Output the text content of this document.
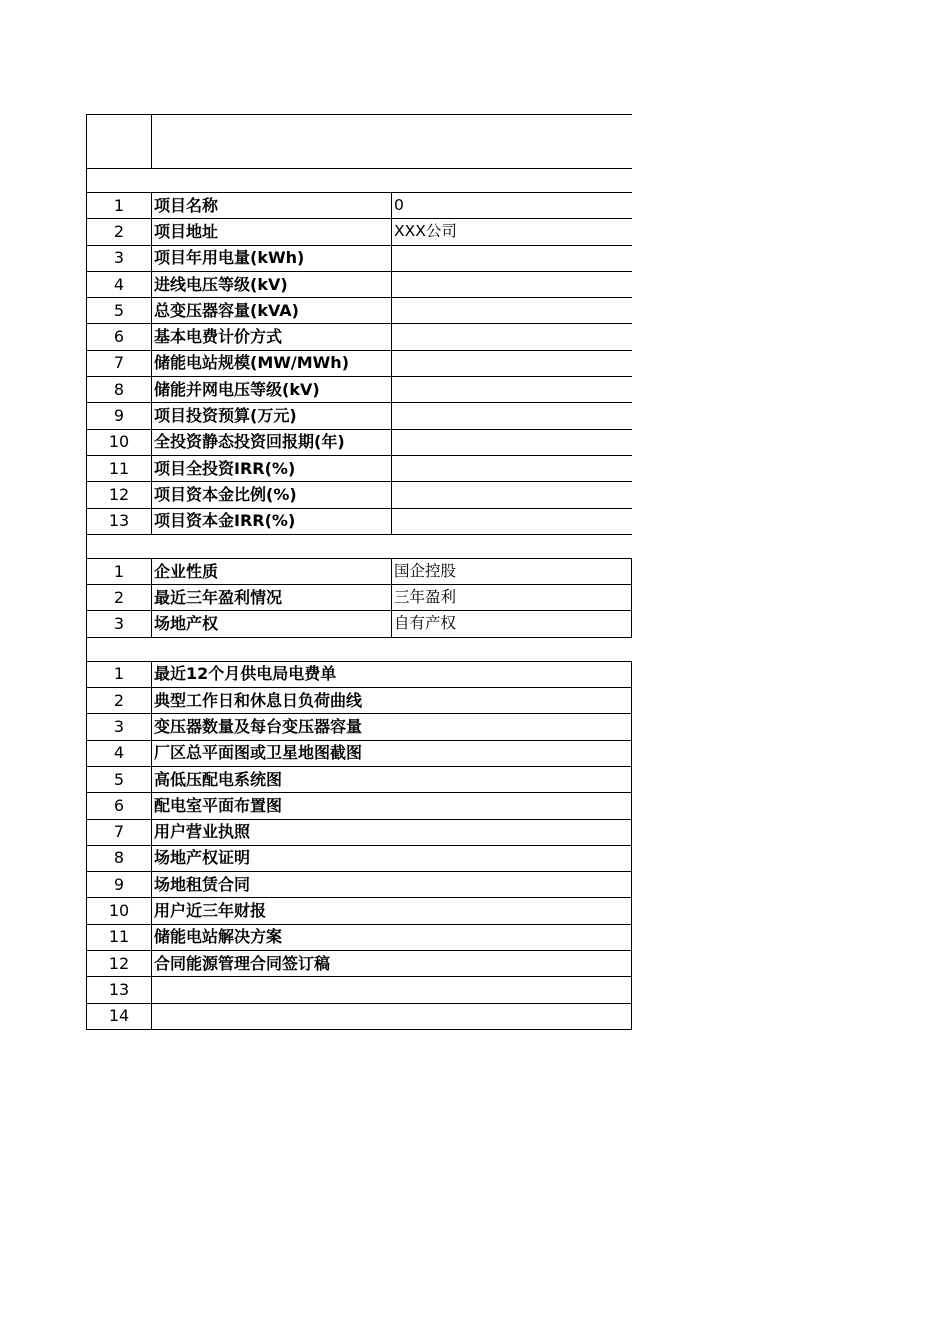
1	项目名称	0
2	项目地址	XXX公司
3	项目年用电量(kWh)
4	进线电压等级(kV)
5	总变压器容量(kVA)
6	基本电费计价方式
7	储能电站规模(MW/MWh)
8	储能并网电压等级(kV)
9	项目投资预算(万元)
10	全投资静态投资回报期(年)
11	项目全投资IRR(%)
12	项目资本金比例(%)
13	项目资本金IRR(%)
1	企业性质	国企控股
2	最近三年盈利情况	三年盈利
3	场地产权	自有产权
1	最近12个月供电局电费单
2	典型工作日和休息日负荷曲线
3	变压器数量及每台变压器容量
4	厂区总平面图或卫星地图截图
5	高低压配电系统图
6	配电室平面布置图
7	用户营业执照
8	场地产权证明
9	场地租赁合同
10	用户近三年财报
11	储能电站解决方案
12	合同能源管理合同签订稿
13
14
